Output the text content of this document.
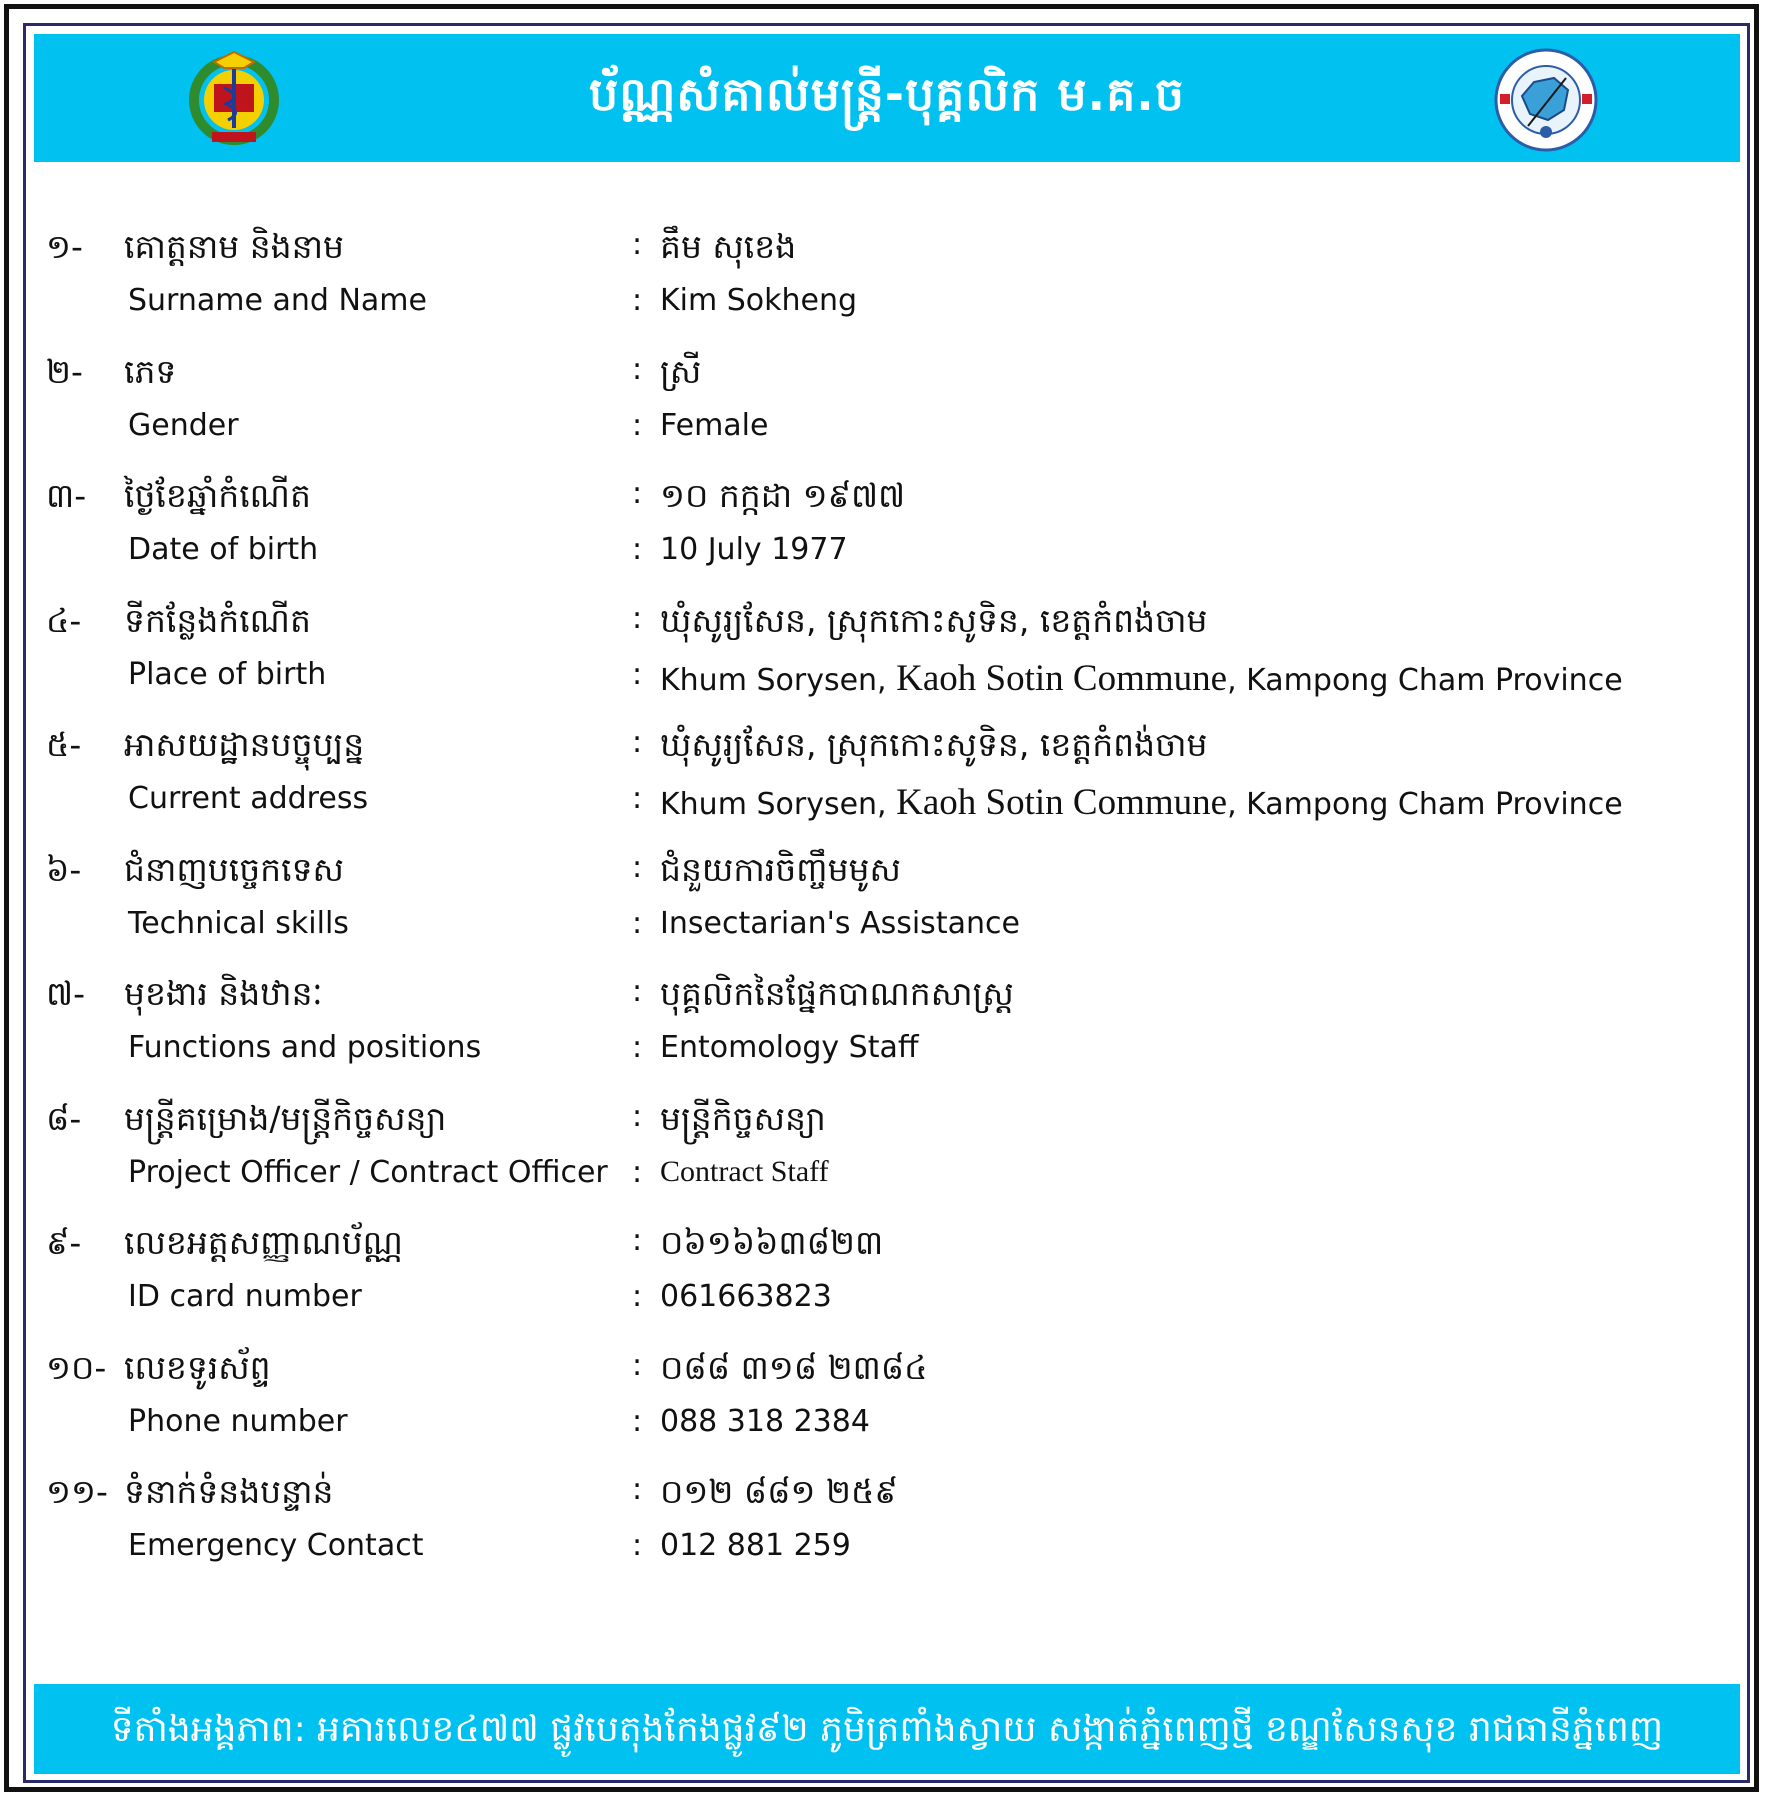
ប័ណ្ណសំគាល់មន្ត្រី-បុគ្គលិក ម.គ.ច
១- គោត្តនាម និងនាម	: គឹម សុខេង
Surname and Name	: Kim Sokheng
២- ភេទ	: ស្រី
Gender	: Female
៣- ថ្ងៃខែឆ្នាំកំណើត	: ១០ កក្កដា ១៩៧៧
Date of birth	: 10 July 1977
៤- ទីកន្លែងកំណើត	: ឃុំសូរ្យសែន, ស្រុកកោះសូទិន, ខេត្តកំពង់ចាម
Place of birth	: Khum Sorysen, Kaoh Sotin Commune, Kampong Cham Province
៥- អាសយដ្ឋានបច្ចុប្បន្ន	: ឃុំសូរ្យសែន, ស្រុកកោះសូទិន, ខេត្តកំពង់ចាម
Current address	: Khum Sorysen, Kaoh Sotin Commune, Kampong Cham Province
៦- ជំនាញបច្ចេកទេស	: ជំនួយការចិញ្ចឹមមូស
Technical skills	: Insectarian's Assistance
៧- មុខងារ និងឋានៈ	: បុគ្គលិកនៃផ្នែកបាណកសាស្ត្រ
Functions and positions	: Entomology Staff
៨- មន្ត្រីគម្រោង/មន្ត្រីកិច្ចសន្យា	: មន្ត្រីកិច្ចសន្យា
Project Officer / Contract Officer : Contract Staff
៩- លេខអត្តសញ្ញាណប័ណ្ណ	: ០៦១៦៦៣៨២៣
ID card number	: 061663823
១០- លេខទូរស័ព្ទ	: ០៨៨ ៣១៨ ២៣៨៤
Phone number	: 088 318 2384
១១- ទំនាក់ទំនងបន្ទាន់	: ០១២ ៨៨១ ២៥៩
Emergency Contact	: 012 881 259
ទីតាំងអង្គភាព: អគារលេខ៤៧៧ ផ្លូវបេតុងកែងផ្លូវ៩២ ភូមិត្រពាំងស្វាយ សង្កាត់ភ្នំពេញថ្មី ខណ្ឌសែនសុខ រាជធានីភ្នំពេញ
